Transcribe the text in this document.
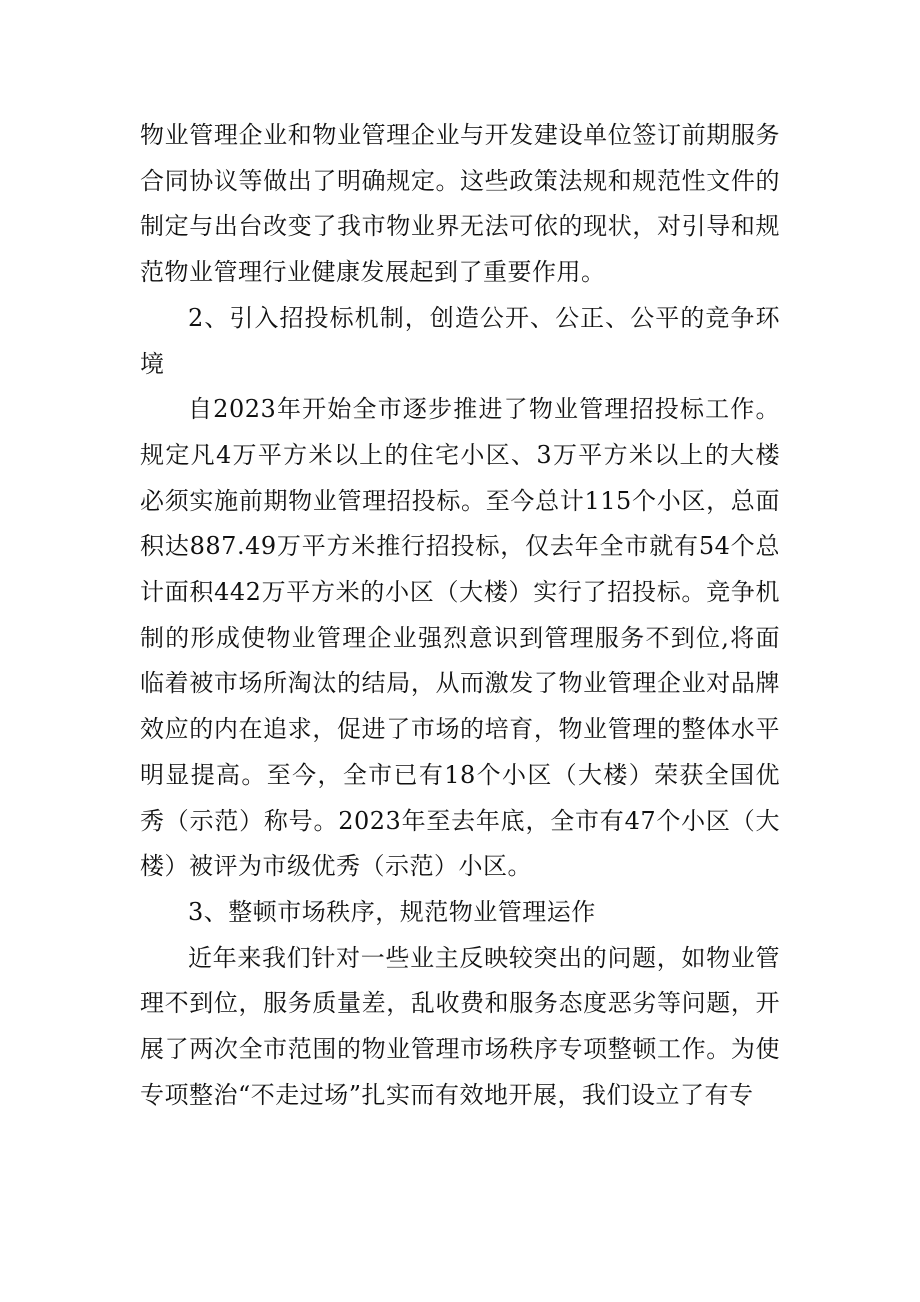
物业管理企业和物业管理企业与开发建设单位签订前期服务合同协议等做出了明确规定。这些政策法规和规范性文件的制定与出台改变了我市物业界无法可依的现状，对引导和规范物业管理行业健康发展起到了重要作用。

2、引入招投标机制，创造公开、公正、公平的竞争环境

自2023年开始全市逐步推进了物业管理招投标工作。规定凡4万平方米以上的住宅小区、3万平方米以上的大楼必须实施前期物业管理招投标。至今总计115个小区，总面积达887.49万平方米推行招投标，仅去年全市就有54个总计面积442万平方米的小区（大楼）实行了招投标。竞争机制的形成使物业管理企业强烈意识到管理服务不到位,将面临着被市场所淘汰的结局，从而激发了物业管理企业对品牌效应的内在追求，促进了市场的培育，物业管理的整体水平明显提高。至今，全市已有18个小区（大楼）荣获全国优秀（示范）称号。2023年至去年底，全市有47个小区（大楼）被评为市级优秀（示范）小区。

3、整顿市场秩序，规范物业管理运作

近年来我们针对一些业主反映较突出的问题，如物业管理不到位，服务质量差，乱收费和服务态度恶劣等问题，开展了两次全市范围的物业管理市场秩序专项整顿工作。为使专项整治“不走过场”扎实而有效地开展，我们设立了有专
